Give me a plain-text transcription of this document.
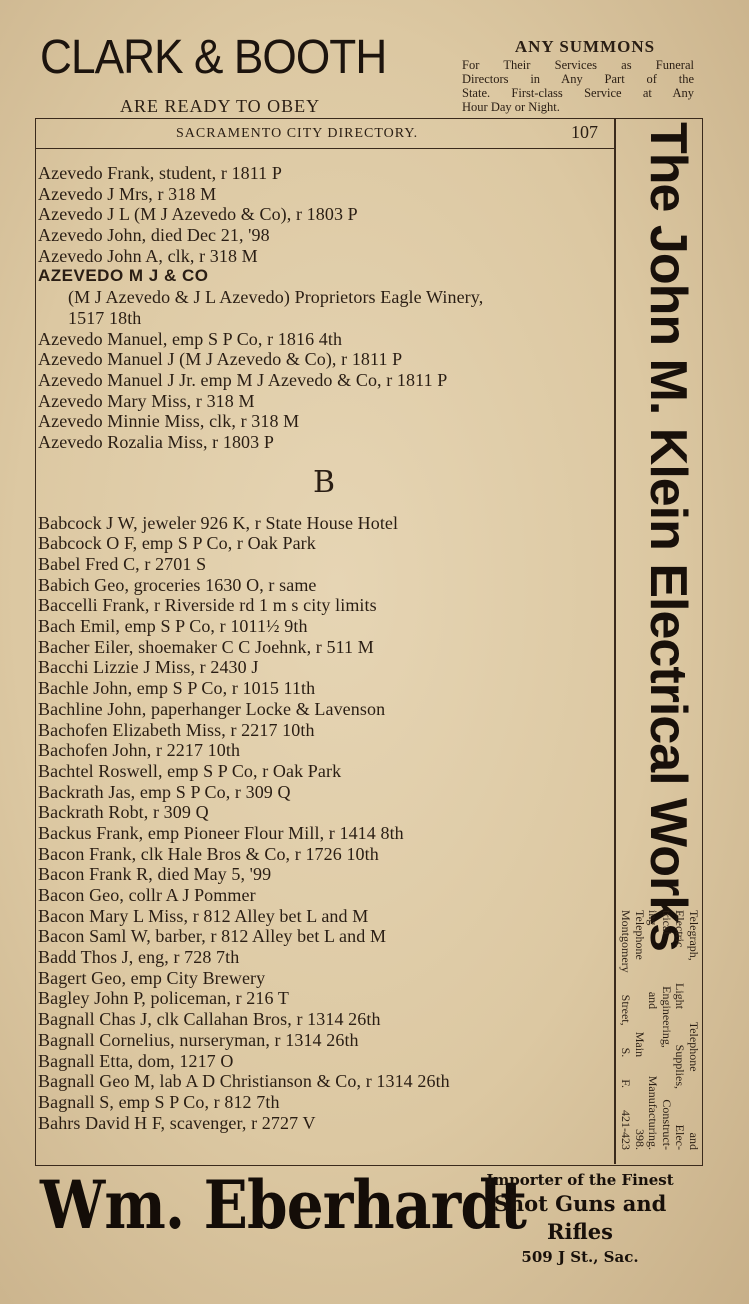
CLARK & BOOTH
ARE READY TO OBEY
ANY SUMMONS
For Their Services as Funeral
Directors in Any Part of the
State. First-class Service at Any
Hour Day or Night.
SACRAMENTO CITY DIRECTORY.	107
Azevedo Frank, student, r 1811 P
Azevedo J Mrs, r 318 M
Azevedo J L (M J Azevedo & Co), r 1803 P
Azevedo John, died Dec 21, '98
Azevedo John A, clk, r 318 M
AZEVEDO M J & CO
(M J Azevedo & J L Azevedo) Proprietors Eagle Winery,
1517 18th
Azevedo Manuel, emp S P Co, r 1816 4th
Azevedo Manuel J (M J Azevedo & Co), r 1811 P
Azevedo Manuel J Jr. emp M J Azevedo & Co, r 1811 P
Azevedo Mary Miss, r 318 M
Azevedo Minnie Miss, clk, r 318 M
Azevedo Rozalia Miss, r 1803 P
B
Babcock J W, jeweler 926 K, r State House Hotel
Babcock O F, emp S P Co, r Oak Park
Babel Fred C, r 2701 S
Babich Geo, groceries 1630 O, r same
Baccelli Frank, r Riverside rd 1 m s city limits
Bach Emil, emp S P Co, r 1011½ 9th
Bacher Eiler, shoemaker C C Joehnk, r 511 M
Bacchi Lizzie J Miss, r 2430 J
Bachle John, emp S P Co, r 1015 11th
Bachline John, paperhanger Locke & Lavenson
Bachofen Elizabeth Miss, r 2217 10th
Bachofen John, r 2217 10th
Bachtel Roswell, emp S P Co, r Oak Park
Backrath Jas, emp S P Co, r 309 Q
Backrath Robt, r 309 Q
Backus Frank, emp Pioneer Flour Mill, r 1414 8th
Bacon Frank, clk Hale Bros & Co, r 1726 10th
Bacon Frank R, died May 5, '99
Bacon Geo, collr A J Pommer
Bacon Mary L Miss, r 812 Alley bet L and M
Bacon Saml W, barber, r 812 Alley bet L and M
Badd Thos J, eng, r 728 7th
Bagert Geo, emp City Brewery
Bagley John P, policeman, r 216 T
Bagnall Chas J, clk Callahan Bros, r 1314 26th
Bagnall Cornelius, nurseryman, r 1314 26th
Bagnall Etta, dom, 1217 O
Bagnall Geo M, lab A D Christianson & Co, r 1314 26th
Bagnall S, emp S P Co, r 812 7th
Bahrs David H F, scavenger, r 2727 V
The John M. Klein Electrical Works
Telegraph, Telephone and
Electric Light Supplies, Elec-
trical Engineering, Construct-
ing and Manufacturing.
Telephone Main 398.
Montgomery Street, S. F. 421-423
Wm. Eberhardt
Importer of the Finest
Shot Guns and Rifles
509 J St., Sac.
